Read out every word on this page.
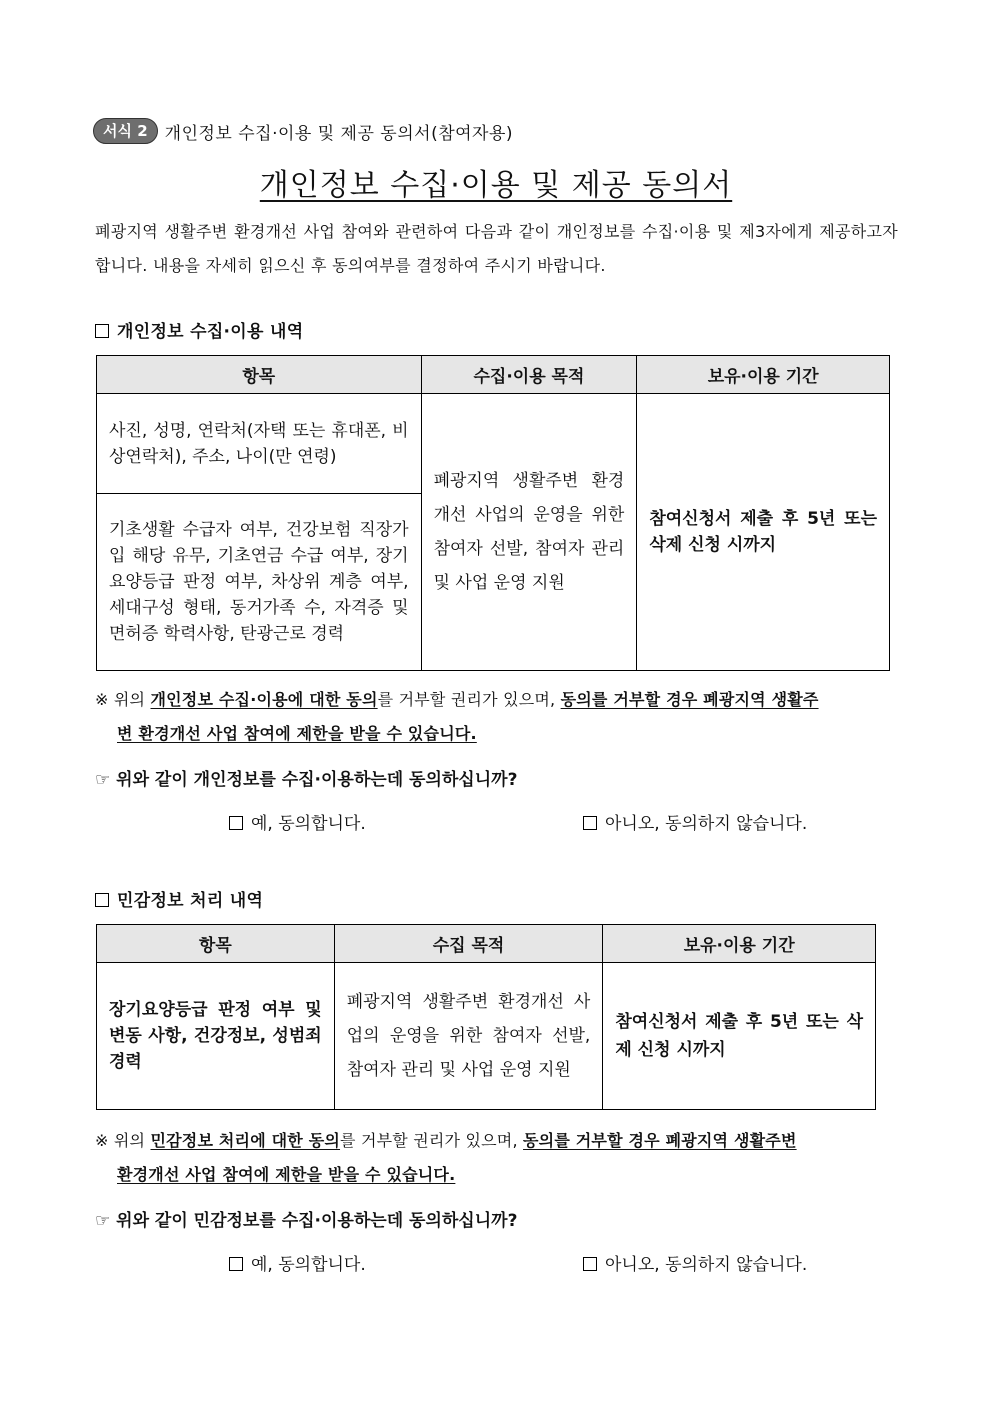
서식 2	개인정보 수집·이용 및 제공 동의서(참여자용)
개인정보 수집·이용 및 제공 동의서
폐광지역 생활주변 환경개선 사업 참여와 관련하여 다음과 같이 개인정보를 수집·이용 및 제3자에게 제공하고자 합니다. 내용을 자세히 읽으신 후 동의여부를 결정하여 주시기 바랍니다.
개인정보 수집·이용 내역
항목	수집·이용 목적	보유·이용 기간
사진, 성명, 연락처(자택 또는 휴대폰, 비상연락처), 주소, 나이(만 연령)	폐광지역 생활주변 환경개선 사업의 운영을 위한 참여자 선발, 참여자 관리 및 사업 운영 지원	참여신청서 제출 후 5년 또는 삭제 신청 시까지
기초생활 수급자 여부, 건강보험 직장가입 해당 유무, 기초연금 수급 여부, 장기요양등급 판정 여부, 차상위 계층 여부, 세대구성 형태, 동거가족 수, 자격증 및 면허증 학력사항, 탄광근로 경력		
※ 위의 개인정보 수집·이용에 대한 동의를 거부할 권리가 있으며, 동의를 거부할 경우 폐광지역 생활주
변 환경개선 사업 참여에 제한을 받을 수 있습니다.
☞ 위와 같이 개인정보를 수집·이용하는데 동의하십니까?
예, 동의합니다.	아니오, 동의하지 않습니다.
민감정보 처리 내역
항목	수집 목적	보유·이용 기간
장기요양등급 판정 여부 및 변동 사항, 건강정보, 성범죄경력	폐광지역 생활주변 환경개선 사업의 운영을 위한 참여자 선발, 참여자 관리 및 사업 운영 지원	참여신청서 제출 후 5년 또는 삭제 신청 시까지
※ 위의 민감정보 처리에 대한 동의를 거부할 권리가 있으며, 동의를 거부할 경우 폐광지역 생활주변
환경개선 사업 참여에 제한을 받을 수 있습니다.
☞ 위와 같이 민감정보를 수집·이용하는데 동의하십니까?
예, 동의합니다.	아니오, 동의하지 않습니다.
